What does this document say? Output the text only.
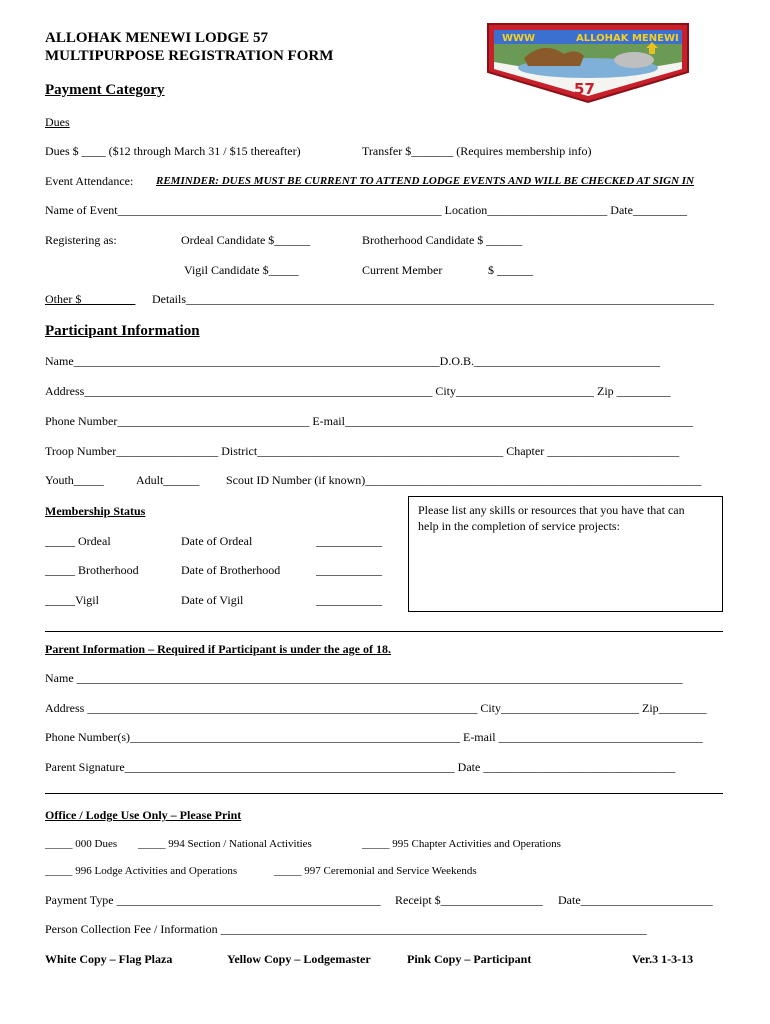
ALLOHAK MENEWI LODGE 57
MULTIPURPOSE REGISTRATION FORM
WWW	ALLOHAK MENEWI
57
Payment Category
Dues
Dues $ ____ ($12 through March 31 / $15 thereafter)	Transfer $_______ (Requires membership info)
Event Attendance: REMINDER: DUES MUST BE CURRENT TO ATTEND LODGE EVENTS AND WILL BE CHECKED AT SIGN IN
Name of Event______________________________________________________ Location____________________ Date_________
Registering as:	Ordeal Candidate $______	Brotherhood Candidate $ ______
Vigil Candidate $_____	Current Member	$ ______
Other $_________ Details________________________________________________________________________________________
Participant Information
Name_____________________________________________________________D.O.B._______________________________
Address__________________________________________________________ City_______________________ Zip _________
Phone Number________________________________ E-mail__________________________________________________________
Troop Number_________________ District_________________________________________ Chapter ______________________
Youth_____	Adult______ Scout ID Number (if known)________________________________________________________
Membership Status
_____ Ordeal	Date of Ordeal	___________
_____ Brotherhood	Date of Brotherhood	___________
_____Vigil	Date of Vigil	___________
Please list any skills or resources that you have that can
help in the completion of service projects:
Parent Information – Required if Participant is under the age of 18.
Name _____________________________________________________________________________________________________
Address _________________________________________________________________ City_______________________ Zip________
Phone Number(s)_______________________________________________________ E-mail __________________________________
Parent Signature_______________________________________________________ Date ________________________________
Office / Lodge Use Only – Please Print
_____ 000 Dues _____ 994 Section / National Activities	_____ 995 Chapter Activities and Operations
_____ 996 Lodge Activities and Operations	_____ 997 Ceremonial and Service Weekends
Payment Type ____________________________________________ Receipt $_________________ Date______________________
Person Collection Fee / Information _______________________________________________________________________
White Copy – Flag Plaza	Yellow Copy – Lodgemaster	Pink Copy – Participant	Ver.3 1-3-13
